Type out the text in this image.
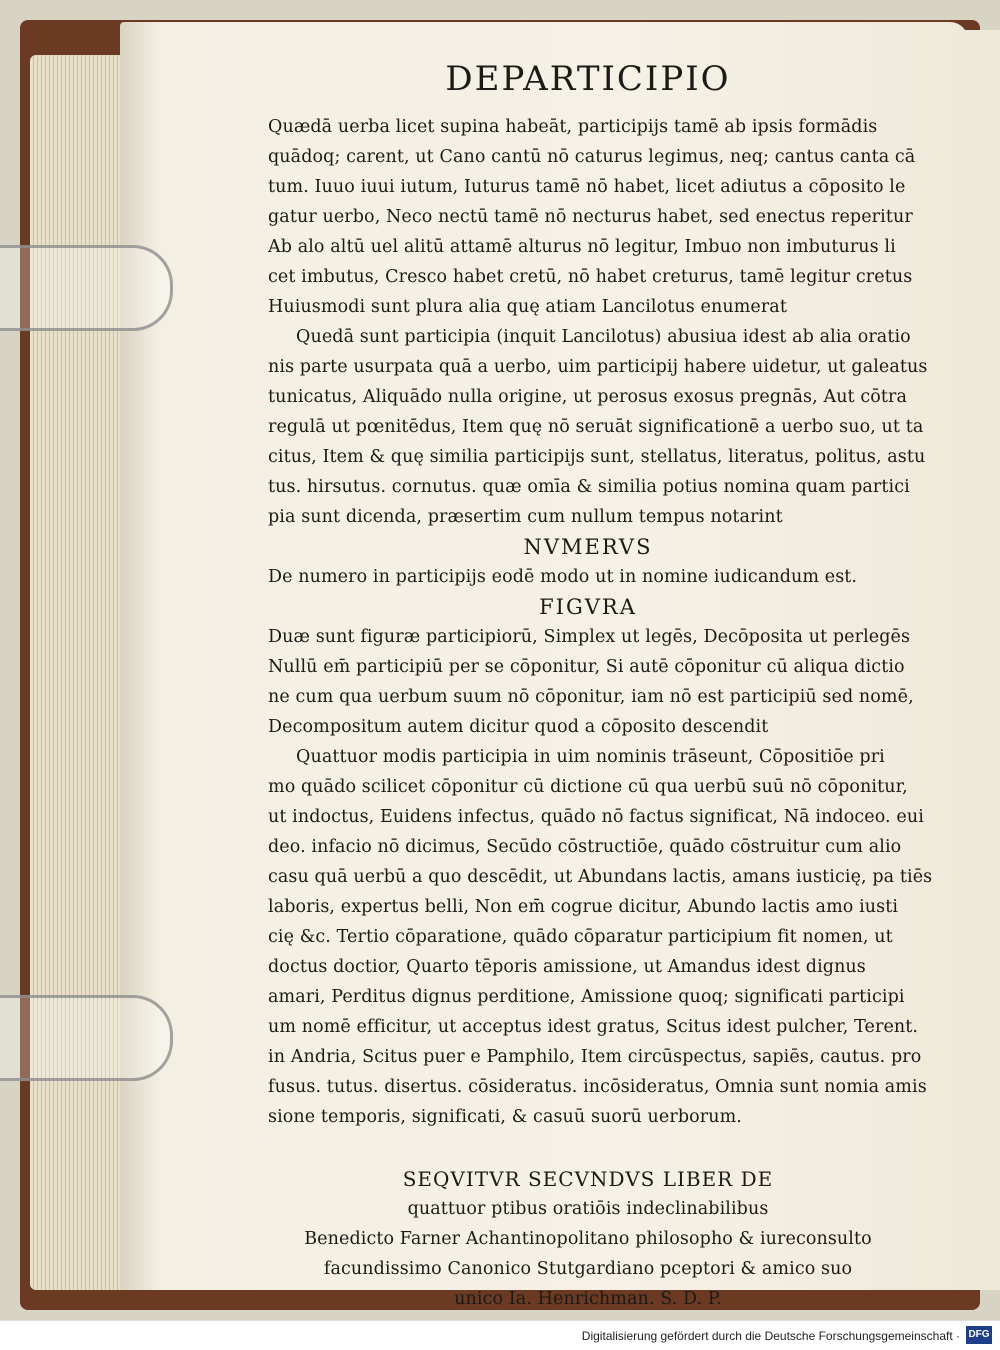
DEPARTICIPIO
Quædā uerba licet supina habeāt, participijs tamē ab ipsis formādis
quādoq; carent, ut Cano cantū nō caturus legimus, neq; cantus canta cā
tum. Iuuo iuui iutum, Iuturus tamē nō habet, licet adiutus a cōposito le
gatur uerbo, Neco nectū tamē nō necturus habet, sed enectus reperitur
Ab alo altū uel alitū attamē alturus nō legitur, Imbuo non imbuturus li
cet imbutus, Cresco habet cretū, nō habet creturus, tamē legitur cretus
Huiusmodi sunt plura alia quę atiam Lancilotus enumerat
Quedā sunt participia (inquit Lancilotus) abusiua idest ab alia oratio
nis parte usurpata quā a uerbo, uim participij habere uidetur, ut galeatus
tunicatus, Aliquādo nulla origine, ut perosus exosus pregnās, Aut cōtra
regulā ut pœnitēdus, Item quę nō seruāt significationē a uerbo suo, ut ta
citus, Item & quę similia participijs sunt, stellatus, literatus, politus, astu
tus. hirsutus. cornutus. quæ omīa & similia potius nomina quam partici
pia sunt dicenda, præsertim cum nullum tempus notarint
NVMERVS
De numero in participijs eodē modo ut in nomine iudicandum est.
FIGVRA
Duæ sunt figuræ participiorū, Simplex ut legēs, Decōposita ut perlegēs
Nullū em̄ participiū per se cōponitur, Si autē cōponitur cū aliqua dictio
ne cum qua uerbum suum nō cōponitur, iam nō est participiū sed nomē,
Decompositum autem dicitur quod a cōposito descendit
Quattuor modis participia in uim nominis trāseunt, Cōpositiōe pri
mo quādo scilicet cōponitur cū dictione cū qua uerbū suū nō cōponitur,
ut indoctus, Euidens infectus, quādo nō factus significat, Nā indoceo. eui
deo. infacio nō dicimus, Secūdo cōstructiōe, quādo cōstruitur cum alio
casu quā uerbū a quo descēdit, ut Abundans lactis, amans iusticię, pa tiēs
laboris, expertus belli, Non em̄ cogrue dicitur, Abundo lactis amo iusti
cię &c. Tertio cōparatione, quādo cōparatur participium fit nomen, ut
doctus doctior, Quarto tēporis amissione, ut Amandus idest dignus
amari, Perditus dignus perditione, Amissione quoq; significati participi
um nomē efficitur, ut acceptus idest gratus, Scitus idest pulcher, Terent.
in Andria, Scitus puer e Pamphilo, Item circūspectus, sapiēs, cautus. pro
fusus. tutus. disertus. cōsideratus. incōsideratus, Omnia sunt nomia amis
sione temporis, significati, & casuū suorū uerborum.
SEQVITVR SECVNDVS LIBER DE
quattuor ptibus oratiōis indeclinabilibus
Benedicto Farner Achantinopolitano philosopho & iureconsulto
facundissimo Canonico Stutgardiano pceptori & amico suo
unico Ia. Henrichman. S. D. P.
Digitalisierung gefördert durch die Deutsche Forschungsgemeinschaft · DFG
